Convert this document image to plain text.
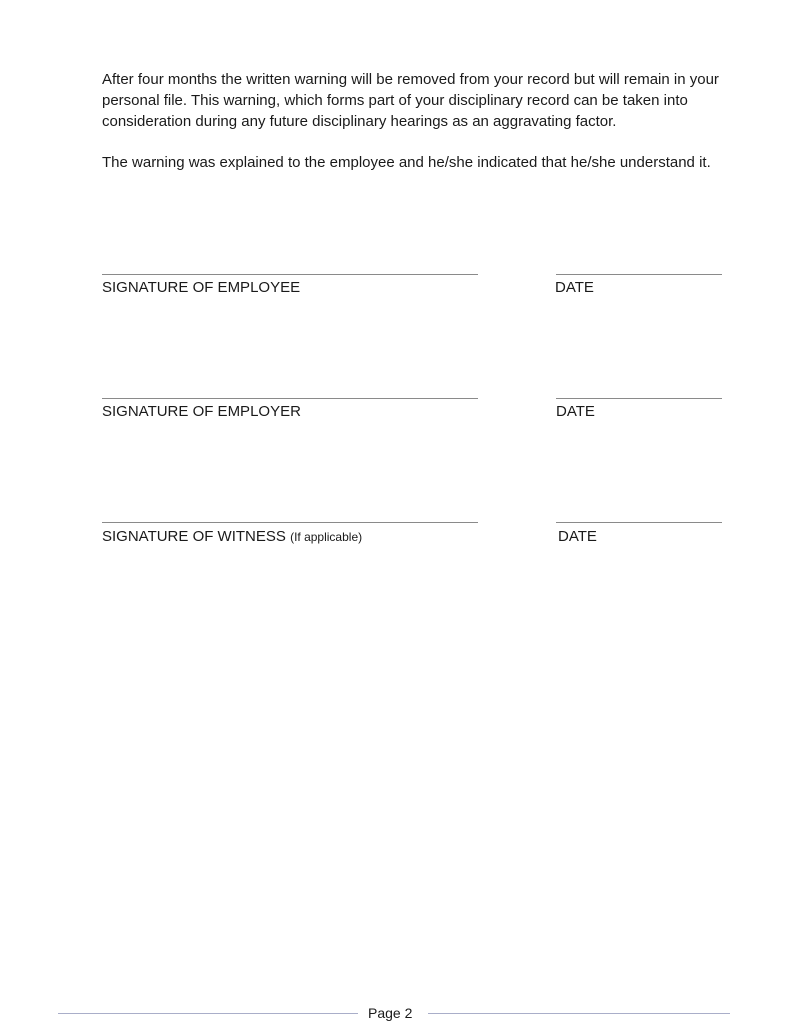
After four months the written warning will be removed from your record but will remain in your personal file. This warning, which forms part of your disciplinary record can be taken into consideration during any future disciplinary hearings as an aggravating factor.

The warning was explained to the employee and he/she indicated that he/she understand it.

SIGNATURE OF EMPLOYEE	DATE
SIGNATURE OF EMPLOYER	DATE
SIGNATURE OF WITNESS (If applicable)	DATE
Page 2
